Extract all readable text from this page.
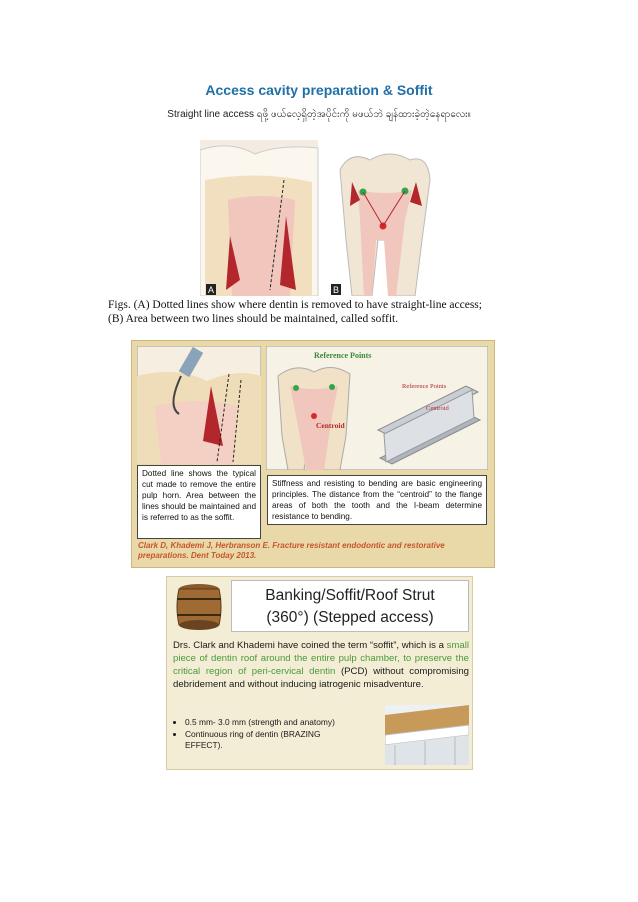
Access cavity preparation & Soffit
Straight line access ရဖို့ ဖယ်လေ့ရှိတဲ့အပိုင်းကို မဖယ်ဘဲ ချန်ထားခဲ့တဲ့နေရာလေး။
A	B
Figs. (A) Dotted lines show where dentin is removed to have straight-line access;
(B) Area between two lines should be maintained, called soffit.
Reference Points
Centroid
Reference Points
Centroid
Dotted line shows the typical cut made to remove the entire pulp horn. Area between the lines should be maintained and is referred to as the soffit.
Stiffness and resisting to bending are basic engineering principles. The distance from the “centroid” to the flange areas of both the tooth and the I-beam determine resistance to bending.
Clark D, Khademi J, Herbranson E. Fracture resistant endodontic and restorative preparations. Dent Today 2013.
Banking/Soffit/Roof Strut
(360°) (Stepped access)
Drs. Clark and Khademi have coined the term “soffit”, which is a small piece of dentin roof around the entire pulp chamber, to preserve the critical region of peri-cervical dentin (PCD) without compromising debridement and without inducing iatrogenic misadventure.
• 0.5 mm- 3.0 mm (strength and anatomy)
• Continuous ring of dentin (BRAZING EFFECT).
